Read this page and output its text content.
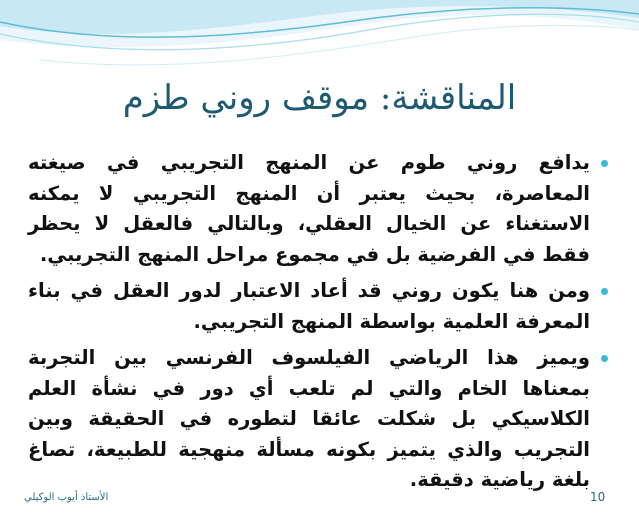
المناقشة: موقف روني طزم
يدافع روني طوم عن المنهج التجريبي في صيغته المعاصرة، بحيث يعتبر أن المنهج التجريبي لا يمكنه الاستغناء عن الخيال العقلي، وبالتالي فالعقل لا يحظر فقط في الفرضية بل في مجموع مراحل المنهج التجريبي.
ومن هنا يكون روني قد أعاد الاعتبار لدور العقل في بناء المعرفة العلمية بواسطة المنهج التجريبي.
ويميز هذا الرياضي الفيلسوف الفرنسي بين التجربة بمعناها الخام والتي لم تلعب أي دور في نشأة العلم الكلاسيكي بل شكلت عائقا لتطوره في الحقيقة وبين التجريب والذي يتميز بكونه مسألة منهجية للطبيعة، تصاغ بلغة رياضية دقيقة.
الأستاذ أيوب الوكيلي	10
